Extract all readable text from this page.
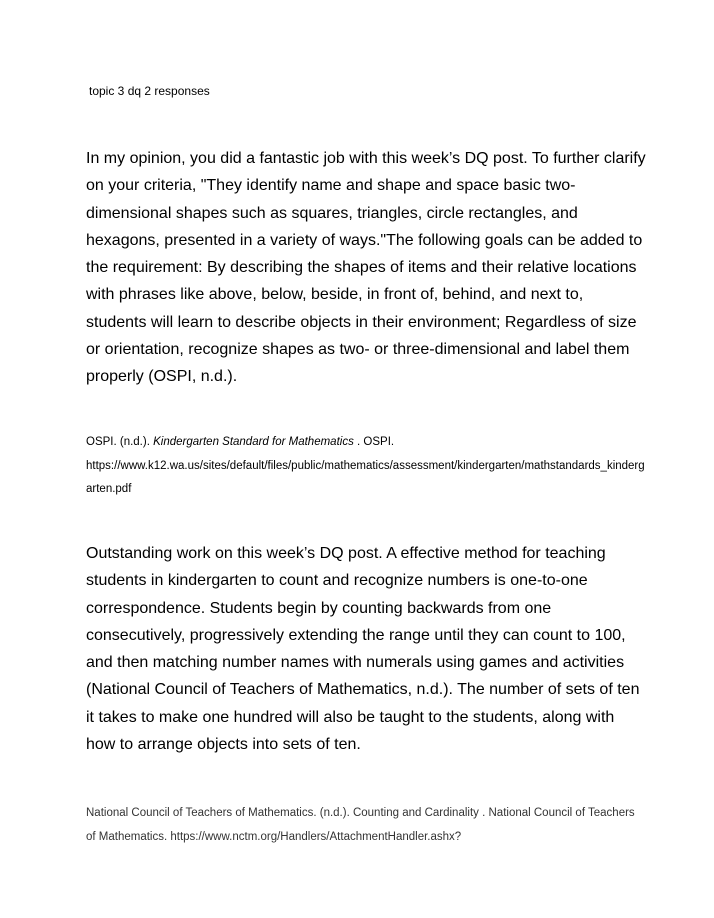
topic 3 dq 2 responses

In my opinion, you did a fantastic job with this week’s DQ post. To further clarify on your criteria, "They identify name and shape and space basic two-dimensional shapes such as squares, triangles, circle rectangles, and hexagons, presented in a variety of ways."The following goals can be added to the requirement: By describing the shapes of items and their relative locations with phrases like above, below, beside, in front of, behind, and next to, students will learn to describe objects in their environment; Regardless of size or orientation, recognize shapes as two- or three-dimensional and label them properly (OSPI, n.d.).

OSPI. (n.d.). Kindergarten Standard for Mathematics . OSPI.
https://www.k12.wa.us/sites/default/files/public/mathematics/assessment/kindergarten/mathstandards_kindergarten.pdf

Outstanding work on this week’s DQ post. A effective method for teaching students in kindergarten to count and recognize numbers is one-to-one correspondence. Students begin by counting backwards from one consecutively, progressively extending the range until they can count to 100, and then matching number names with numerals using games and activities (National Council of Teachers of Mathematics, n.d.). The number of sets of ten it takes to make one hundred will also be taught to the students, along with how to arrange objects into sets of ten.

National Council of Teachers of Mathematics. (n.d.). Counting and Cardinality . National Council of Teachers of Mathematics. https://www.nctm.org/Handlers/AttachmentHandler.ashx?
